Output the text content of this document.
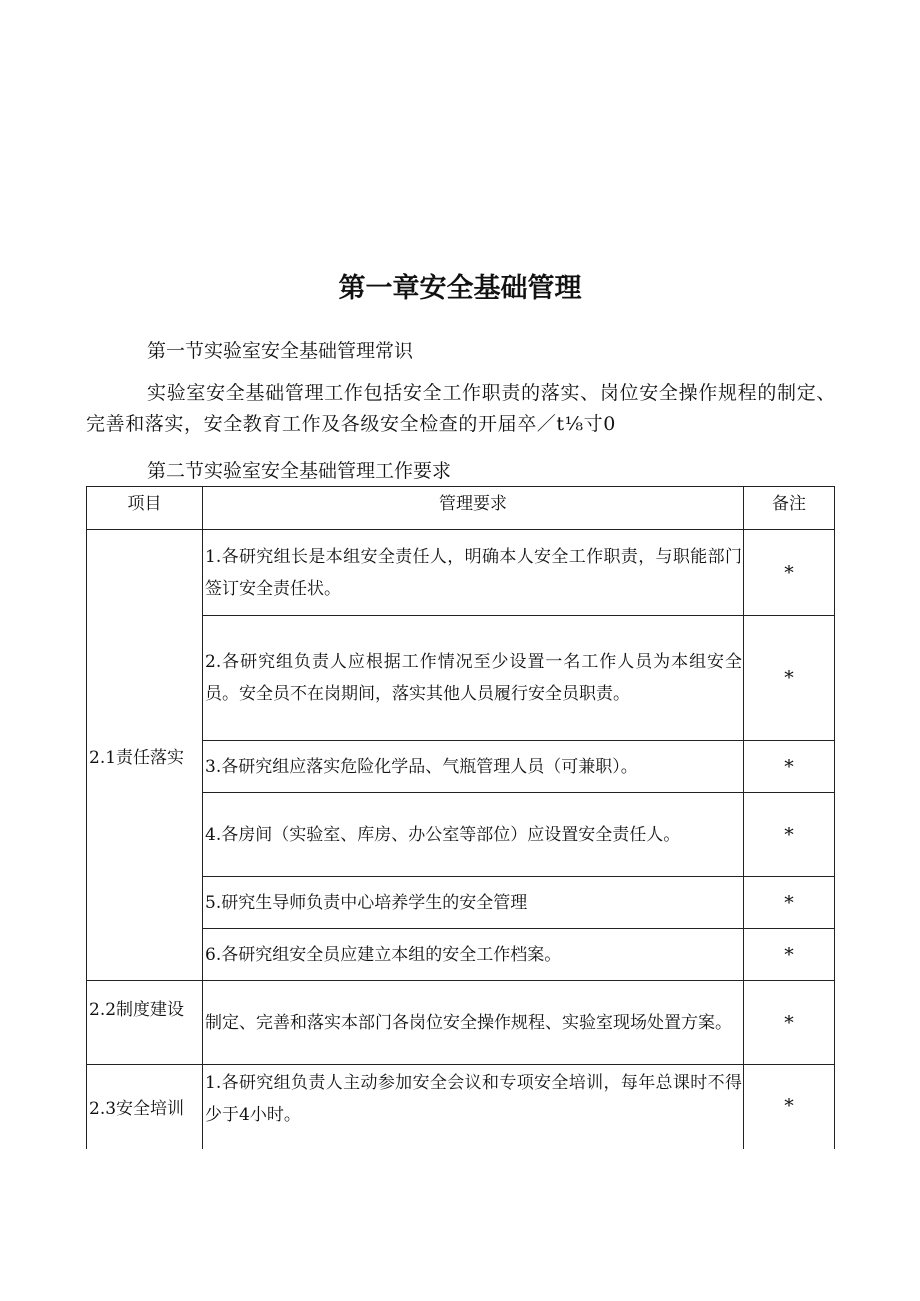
第一章安全基础管理
第一节实验室安全基础管理常识
实验室安全基础管理工作包括安全工作职责的落实、岗位安全操作规程的制定、完善和落实，安全教育工作及各级安全检查的开届卒／t⅛寸0
第二节实验室安全基础管理工作要求
项目	管理要求	备注
2.1责任落实	1.各研究组长是本组安全责任人，明确本人安全工作职责，与职能部门签订安全责任状。	*
	2.各研究组负责人应根据工作情况至少设置一名工作人员为本组安全员。安全员不在岗期间，落实其他人员履行安全员职责。	*
	3.各研究组应落实危险化学品、气瓶管理人员（可兼职）。	*
	4.各房间（实验室、库房、办公室等部位）应设置安全责任人。	*
	5.研究生导师负责中心培养学生的安全管理	*
	6.各研究组安全员应建立本组的安全工作档案。	*
2.2制度建设	制定、完善和落实本部门各岗位安全操作规程、实验室现场处置方案。	*
2.3安全培训	1.各研究组负责人主动参加安全会议和专项安全培训，每年总课时不得少于4小时。	*
